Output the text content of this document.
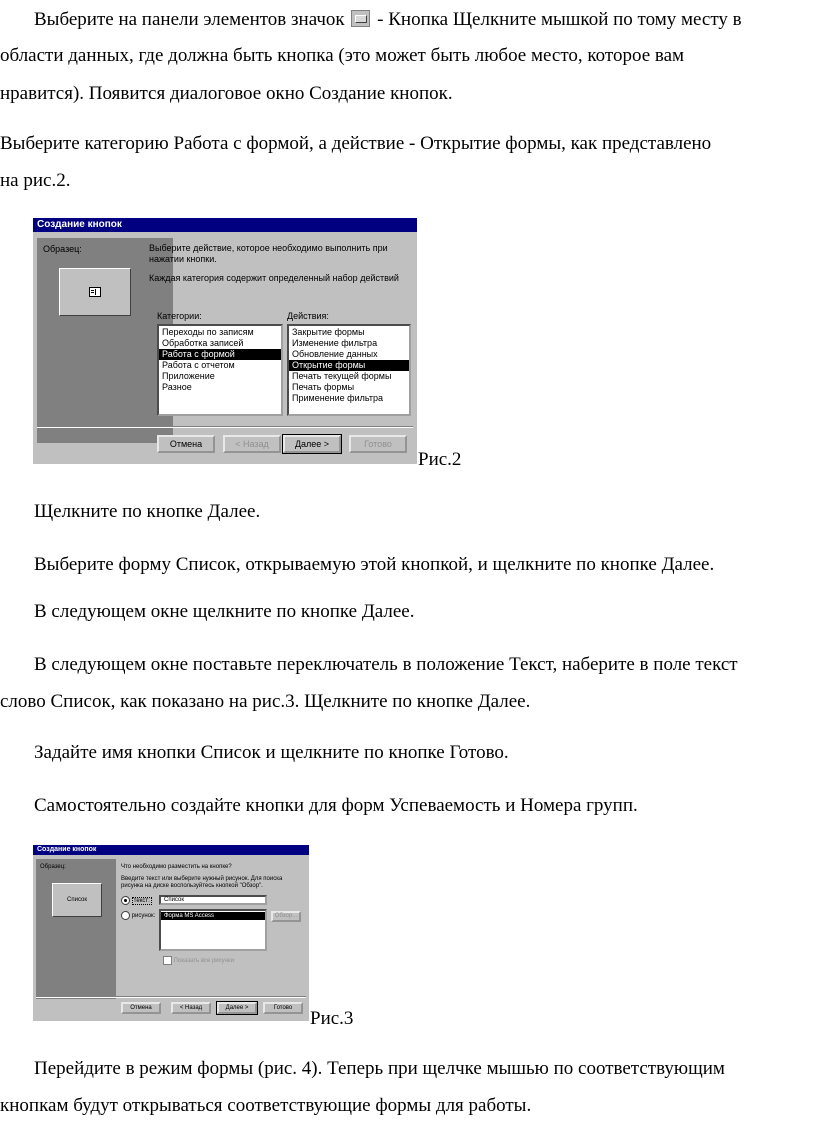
Выберите на панели элементов значок - Кнопка Щелкните мышкой по тому месту в
области данных, где должна быть кнопка (это может быть любое место, которое вам
нравится). Появится диалоговое окно Создание кнопок.
Выберите категорию Работа с формой, а действие - Открытие формы, как представлено
на рис.2.
Создание кнопок
Образец:	Выберите действие, которое необходимо выполнить при
нажатии кнопки.
Каждая категория содержит определенный набор действий
Категории:	Действия:
Переходы по записям
Обработка записей
Работа с формой
Работа с отчетом
Приложение
Разное
Закрытие формы
Изменение фильтра
Обновление данных
Открытие формы
Печать текущей формы
Печать формы
Применение фильтра
Отмена	< Назад	Далее >	Готово
Рис.2
Щелкните по кнопке Далее.
Выберите форму Список, открываемую этой кнопкой, и щелкните по кнопке Далее.
В следующем окне щелкните по кнопке Далее.
В следующем окне поставьте переключатель в положение Текст, наберите в поле текст
слово Список, как показано на рис.3. Щелкните по кнопке Далее.
Задайте имя кнопки Список и щелкните по кнопке Готово.
Самостоятельно создайте кнопки для форм Успеваемость и Номера групп.
Создание кнопок
Образец:
Список
Что необходимо разместить на кнопке?
Введите текст или выберите нужный рисунок. Для поиска
рисунка на диске воспользуйтесь кнопкой "Обзор".
текст:	Список
рисунок:	Форма MS Access	Обзор...
Показать все рисунки
Отмена	< Назад	Далее >	Готово Рис.3
Перейдите в режим формы (рис. 4). Теперь при щелчке мышью по соответствующим
кнопкам будут открываться соответствующие формы для работы.
